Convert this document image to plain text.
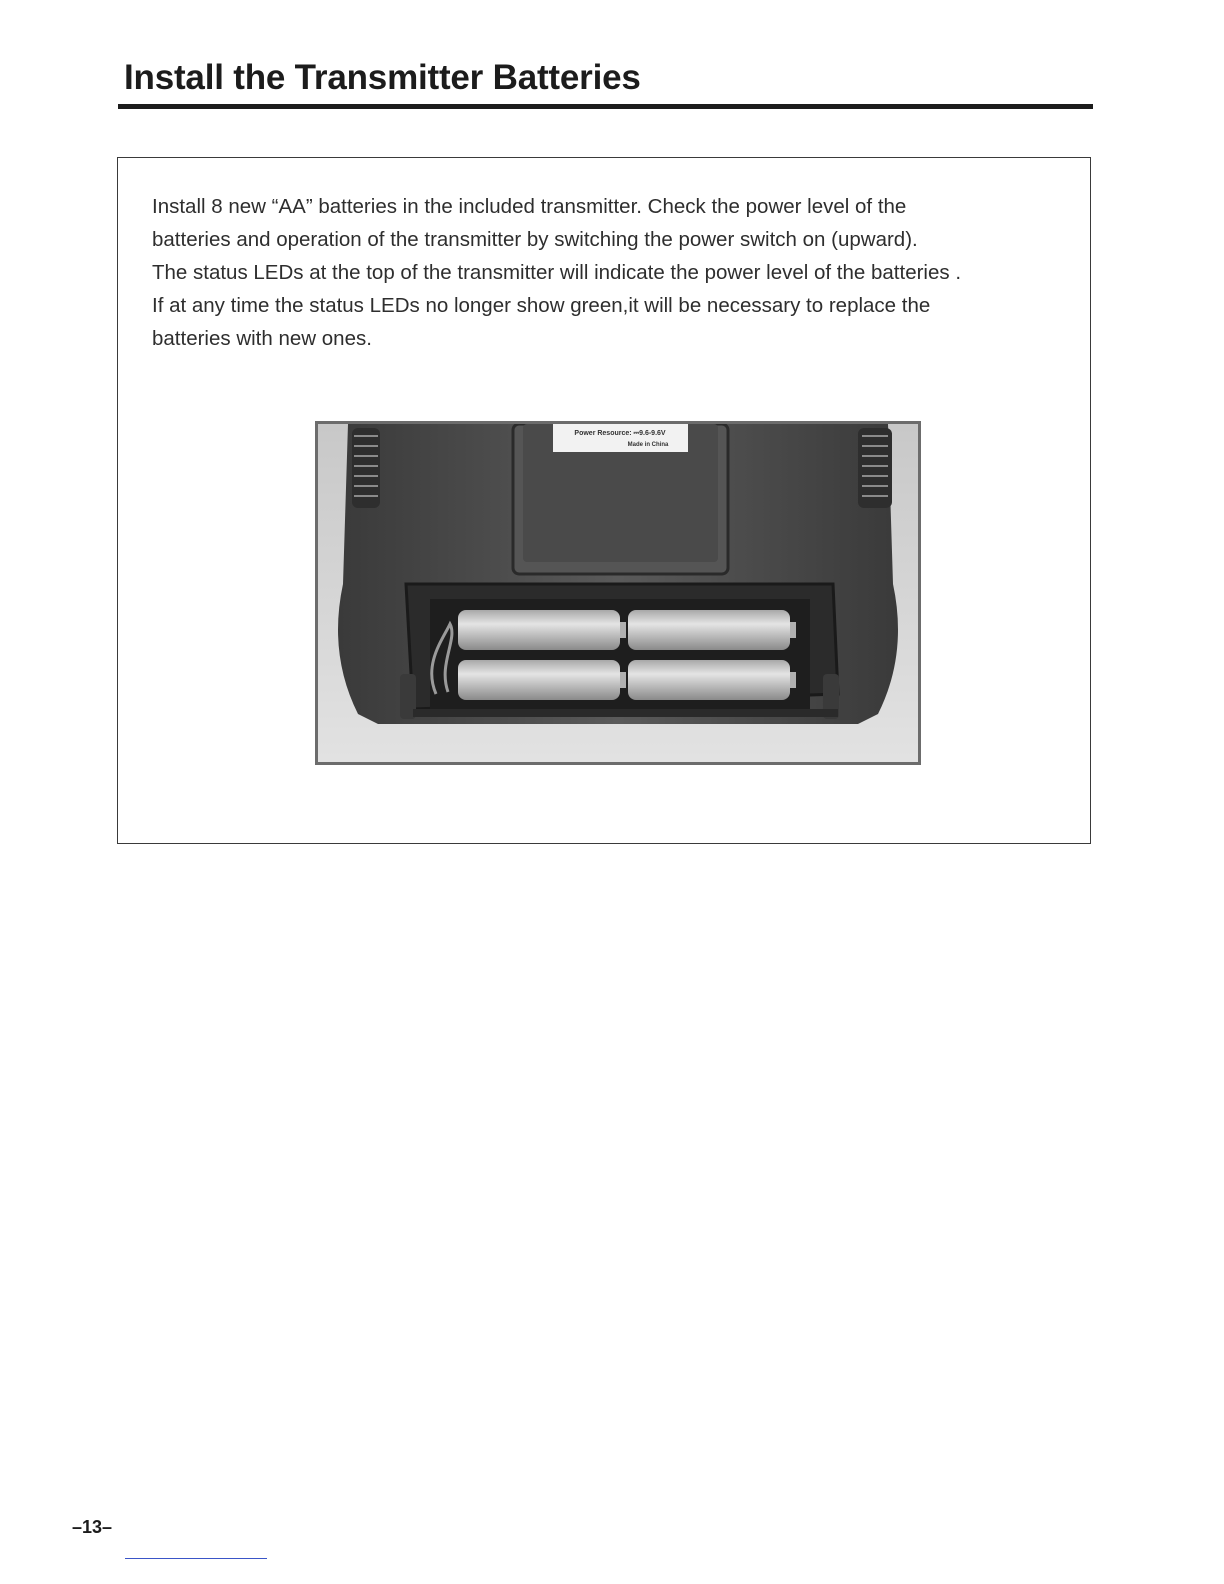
Install the Transmitter Batteries

Install 8 new “AA” batteries in the included transmitter. Check the power level of the
batteries and operation of the transmitter by switching the power switch on (upward).
The status LEDs at the top of the transmitter will indicate the power level of the batteries .
If at any time the status LEDs no longer show green,it will be necessary to replace the
batteries with new ones.

Power Resource: ⎓9.6-9.6V
Made in China
–13–
